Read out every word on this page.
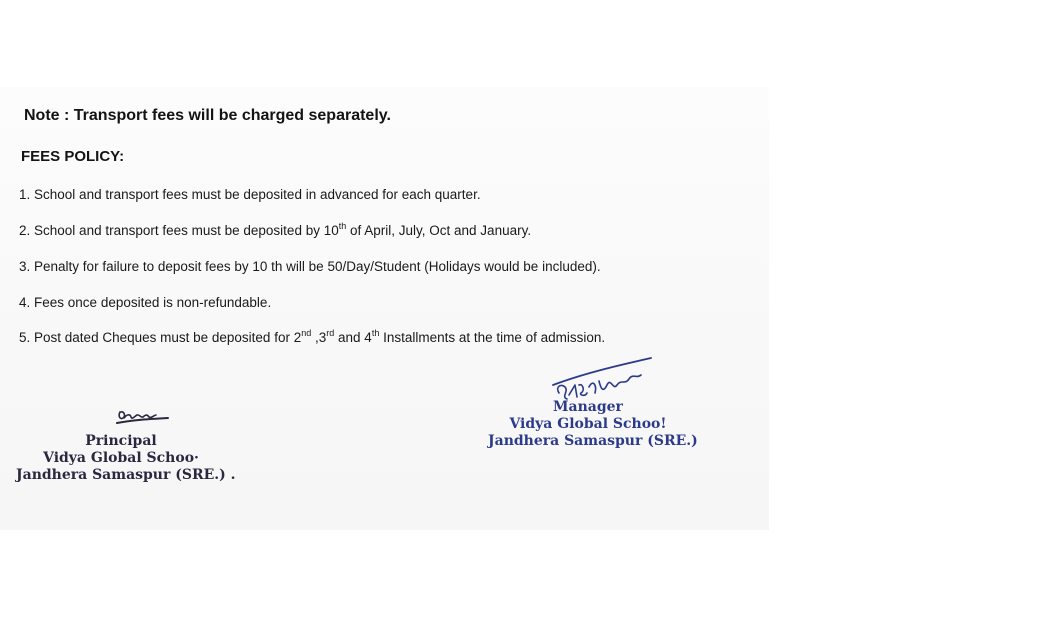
Note : Transport fees will be charged separately.
FEES POLICY:
1. School and transport fees must be deposited in advanced for each quarter.
2. School and transport fees must be deposited by 10th of April, July, Oct and January.
3. Penalty for failure to deposit fees by 10 th will be 50/Day/Student (Holidays would be included).
4. Fees once deposited is non-refundable.
5. Post dated Cheques must be deposited for 2nd ,3rd and 4th Installments at the time of admission.
Principal
Vidya Global Schoo·
Jandhera Samaspur (SRE.) .
Manager
Vidya Global Schoo!
Jandhera Samaspur (SRE.)
